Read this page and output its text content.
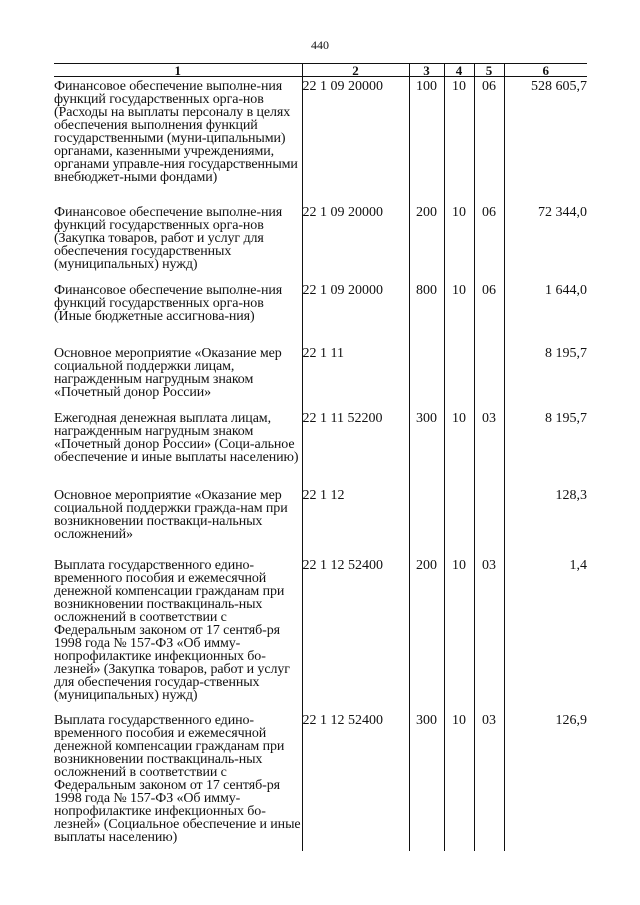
440
1	2	3	4	5	6
Финансовое обеспечение выполне-ния функций государственных орга-нов (Расходы на выплаты персоналу в целях обеспечения выполнения функций государственными (муни-ципальными) органами, казенными учреждениями, органами управле-ния государственными внебюджет-ными фондами)	22 1 09 20000	100	10	06	528 605,7
Финансовое обеспечение выполне-ния функций государственных орга-нов (Закупка товаров, работ и услуг для обеспечения государственных (муниципальных) нужд)	22 1 09 20000	200	10	06	72 344,0
Финансовое обеспечение выполне-ния функций государственных орга-нов (Иные бюджетные ассигнова-ния)	22 1 09 20000	800	10	06	1 644,0
Основное мероприятие «Оказание мер социальной поддержки лицам, награжденным нагрудным знаком «Почетный донор России»	22 1 11				8 195,7
Ежегодная денежная выплата лицам, награжденным нагрудным знаком «Почетный донор России» (Соци-альное обеспечение и иные выплаты населению)	22 1 11 52200	300	10	03	8 195,7
Основное мероприятие «Оказание мер социальной поддержки гражда-нам при возникновении поствакци-нальных осложнений»	22 1 12				128,3
Выплата государственного едино-временного пособия и ежемесячной денежной компенсации гражданам при возникновении поствакциналь-ных осложнений в соответствии с Федеральным законом от 17 сентяб-ря 1998 года № 157-ФЗ «Об имму-нопрофилактике инфекционных бо-лезней» (Закупка товаров, работ и услуг для обеспечения государ-ственных (муниципальных) нужд)	22 1 12 52400	200	10	03	1,4
Выплата государственного едино-временного пособия и ежемесячной денежной компенсации гражданам при возникновении поствакциналь-ных осложнений в соответствии с Федеральным законом от 17 сентяб-ря 1998 года № 157-ФЗ «Об имму-нопрофилактике инфекционных бо-лезней» (Социальное обеспечение и иные выплаты населению)	22 1 12 52400	300	10	03	126,9
